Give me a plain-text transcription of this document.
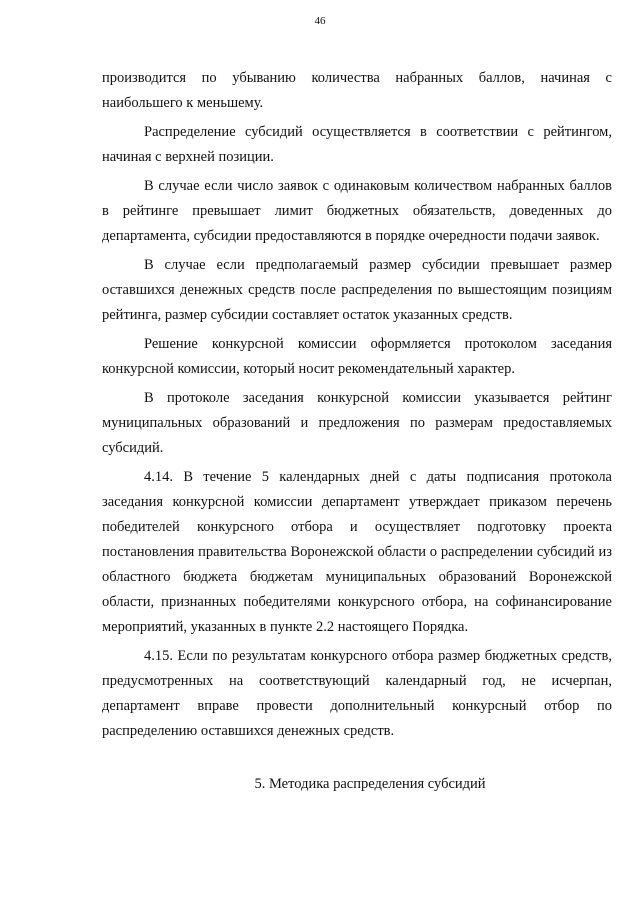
46

производится по убыванию количества набранных баллов, начиная с наибольшего к меньшему.

Распределение субсидий осуществляется в соответствии с рейтингом, начиная с верхней позиции.

В случае если число заявок с одинаковым количеством набранных баллов в рейтинге превышает лимит бюджетных обязательств, доведенных до департамента, субсидии предоставляются в порядке очередности подачи заявок.

В случае если предполагаемый размер субсидии превышает размер оставшихся денежных средств после распределения по вышестоящим позициям рейтинга, размер субсидии составляет остаток указанных средств.

Решение конкурсной комиссии оформляется протоколом заседания конкурсной комиссии, который носит рекомендательный характер.

В протоколе заседания конкурсной комиссии указывается рейтинг муниципальных образований и предложения по размерам предоставляемых субсидий.

4.14. В течение 5 календарных дней с даты подписания протокола заседания конкурсной комиссии департамент утверждает приказом перечень победителей конкурсного отбора и осуществляет подготовку проекта постановления правительства Воронежской области о распределении субсидий из областного бюджета бюджетам муниципальных образований Воронежской области, признанных победителями конкурсного отбора, на софинансирование мероприятий, указанных в пункте 2.2 настоящего Порядка.

4.15. Если по результатам конкурсного отбора размер бюджетных средств, предусмотренных на соответствующий календарный год, не исчерпан, департамент вправе провести дополнительный конкурсный отбор по распределению оставшихся денежных средств.

5. Методика распределения субсидий
